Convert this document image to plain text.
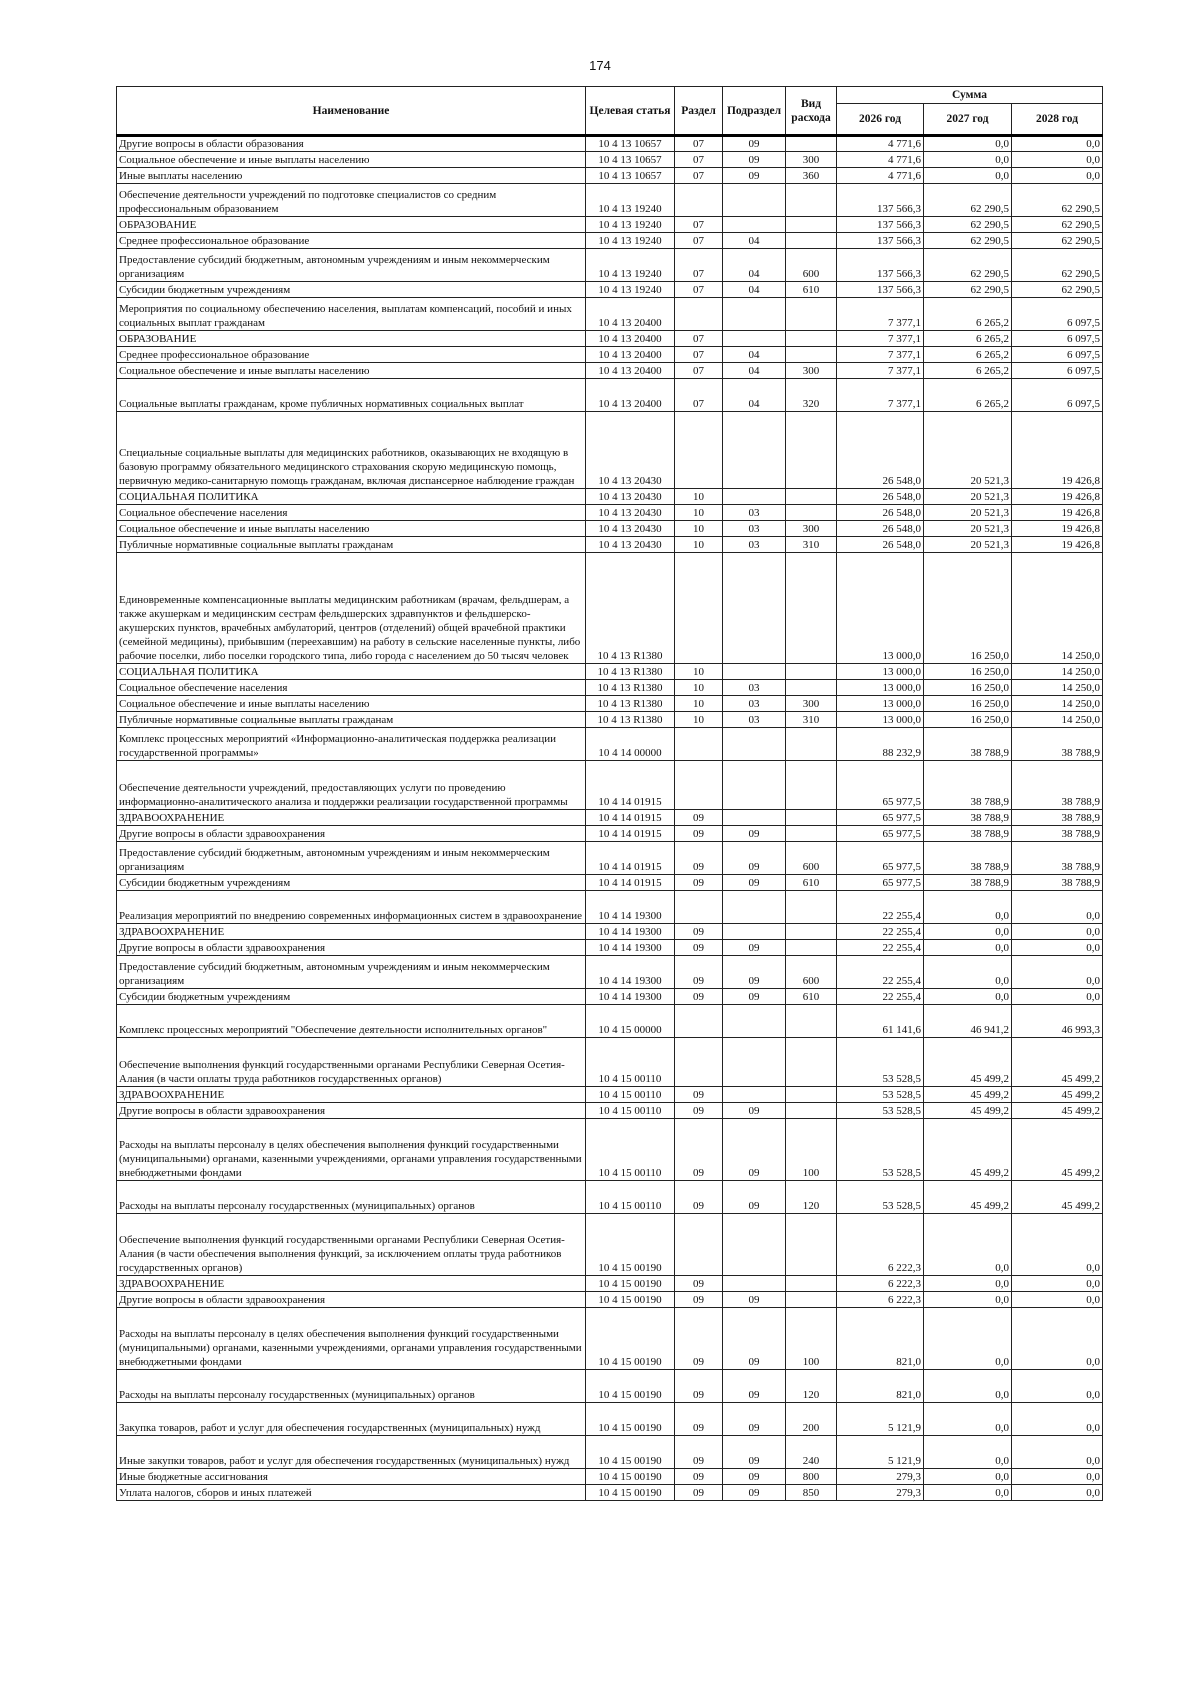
174
Наименование	Целевая статья	Раздел	Подраздел	Вид расхода	Сумма		
					2026 год	2027 год	2028 год
Другие вопросы в области образования	10 4 13 10657	07	09		4 771,6	0,0	0,0
Социальное обеспечение и иные выплаты населению	10 4 13 10657	07	09	300	4 771,6	0,0	0,0
Иные выплаты населению	10 4 13 10657	07	09	360	4 771,6	0,0	0,0
Обеспечение деятельности учреждений по подготовке специалистов со средним профессиональным образованием	10 4 13 19240				137 566,3	62 290,5	62 290,5
ОБРАЗОВАНИЕ	10 4 13 19240	07			137 566,3	62 290,5	62 290,5
Среднее профессиональное образование	10 4 13 19240	07	04		137 566,3	62 290,5	62 290,5
Предоставление субсидий бюджетным, автономным учреждениям и иным некоммерческим организациям	10 4 13 19240	07	04	600	137 566,3	62 290,5	62 290,5
Субсидии бюджетным учреждениям	10 4 13 19240	07	04	610	137 566,3	62 290,5	62 290,5
Мероприятия по социальному обеспечению населения, выплатам компенсаций, пособий и иных социальных выплат гражданам	10 4 13 20400				7 377,1	6 265,2	6 097,5
ОБРАЗОВАНИЕ	10 4 13 20400	07			7 377,1	6 265,2	6 097,5
Среднее профессиональное образование	10 4 13 20400	07	04		7 377,1	6 265,2	6 097,5
Социальное обеспечение и иные выплаты населению	10 4 13 20400	07	04	300	7 377,1	6 265,2	6 097,5
Социальные выплаты гражданам, кроме публичных нормативных социальных выплат	10 4 13 20400	07	04	320	7 377,1	6 265,2	6 097,5
Специальные социальные выплаты для медицинских работников, оказывающих не входящую в базовую программу обязательного медицинского страхования скорую медицинскую помощь, первичную медико-санитарную помощь гражданам, включая диспансерное наблюдение граждан	10 4 13 20430				26 548,0	20 521,3	19 426,8
СОЦИАЛЬНАЯ ПОЛИТИКА	10 4 13 20430	10			26 548,0	20 521,3	19 426,8
Социальное обеспечение населения	10 4 13 20430	10	03		26 548,0	20 521,3	19 426,8
Социальное обеспечение и иные выплаты населению	10 4 13 20430	10	03	300	26 548,0	20 521,3	19 426,8
Публичные нормативные социальные выплаты гражданам	10 4 13 20430	10	03	310	26 548,0	20 521,3	19 426,8
Единовременные компенсационные выплаты медицинским работникам (врачам, фельдшерам, а также акушеркам и медицинским сестрам фельдшерских здравпунктов и фельдшерско-акушерских пунктов, врачебных амбулаторий, центров (отделений) общей врачебной практики (семейной медицины), прибывшим (переехавшим) на работу в сельские населенные пункты, либо рабочие поселки, либо поселки городского типа, либо города с населением до 50 тысяч человек	10 4 13 R1380				13 000,0	16 250,0	14 250,0
СОЦИАЛЬНАЯ ПОЛИТИКА	10 4 13 R1380	10			13 000,0	16 250,0	14 250,0
Социальное обеспечение населения	10 4 13 R1380	10	03		13 000,0	16 250,0	14 250,0
Социальное обеспечение и иные выплаты населению	10 4 13 R1380	10	03	300	13 000,0	16 250,0	14 250,0
Публичные нормативные социальные выплаты гражданам	10 4 13 R1380	10	03	310	13 000,0	16 250,0	14 250,0
Комплекс процессных мероприятий «Информационно-аналитическая поддержка реализации государственной программы»	10 4 14 00000				88 232,9	38 788,9	38 788,9
Обеспечение деятельности учреждений, предоставляющих услуги по проведению информационно-аналитического анализа и поддержки реализации государственной программы	10 4 14 01915				65 977,5	38 788,9	38 788,9
ЗДРАВООХРАНЕНИЕ	10 4 14 01915	09			65 977,5	38 788,9	38 788,9
Другие вопросы в области здравоохранения	10 4 14 01915	09	09		65 977,5	38 788,9	38 788,9
Предоставление субсидий бюджетным, автономным учреждениям и иным некоммерческим организациям	10 4 14 01915	09	09	600	65 977,5	38 788,9	38 788,9
Субсидии бюджетным учреждениям	10 4 14 01915	09	09	610	65 977,5	38 788,9	38 788,9
Реализация мероприятий по внедрению современных информационных систем в здравоохранение	10 4 14 19300				22 255,4	0,0	0,0
ЗДРАВООХРАНЕНИЕ	10 4 14 19300	09			22 255,4	0,0	0,0
Другие вопросы в области здравоохранения	10 4 14 19300	09	09		22 255,4	0,0	0,0
Предоставление субсидий бюджетным, автономным учреждениям и иным некоммерческим организациям	10 4 14 19300	09	09	600	22 255,4	0,0	0,0
Субсидии бюджетным учреждениям	10 4 14 19300	09	09	610	22 255,4	0,0	0,0
Комплекс процессных мероприятий "Обеспечение деятельности исполнительных органов"	10 4 15 00000				61 141,6	46 941,2	46 993,3
Обеспечение выполнения функций государственными органами Республики Северная Осетия-Алания (в части оплаты труда работников государственных органов)	10 4 15 00110				53 528,5	45 499,2	45 499,2
ЗДРАВООХРАНЕНИЕ	10 4 15 00110	09			53 528,5	45 499,2	45 499,2
Другие вопросы в области здравоохранения	10 4 15 00110	09	09		53 528,5	45 499,2	45 499,2
Расходы на выплаты персоналу в целях обеспечения выполнения функций государственными (муниципальными) органами, казенными учреждениями, органами управления государственными внебюджетными фондами	10 4 15 00110	09	09	100	53 528,5	45 499,2	45 499,2
Расходы на выплаты персоналу государственных (муниципальных) органов	10 4 15 00110	09	09	120	53 528,5	45 499,2	45 499,2
Обеспечение выполнения функций государственными органами Республики Северная Осетия-Алания (в части обеспечения выполнения функций, за исключением оплаты труда работников государственных органов)	10 4 15 00190				6 222,3	0,0	0,0
ЗДРАВООХРАНЕНИЕ	10 4 15 00190	09			6 222,3	0,0	0,0
Другие вопросы в области здравоохранения	10 4 15 00190	09	09		6 222,3	0,0	0,0
Расходы на выплаты персоналу в целях обеспечения выполнения функций государственными (муниципальными) органами, казенными учреждениями, органами управления государственными внебюджетными фондами	10 4 15 00190	09	09	100	821,0	0,0	0,0
Расходы на выплаты персоналу государственных (муниципальных) органов	10 4 15 00190	09	09	120	821,0	0,0	0,0
Закупка товаров, работ и услуг для обеспечения государственных (муниципальных) нужд	10 4 15 00190	09	09	200	5 121,9	0,0	0,0
Иные закупки товаров, работ и услуг для обеспечения государственных (муниципальных) нужд	10 4 15 00190	09	09	240	5 121,9	0,0	0,0
Иные бюджетные ассигнования	10 4 15 00190	09	09	800	279,3	0,0	0,0
Уплата налогов, сборов и иных платежей	10 4 15 00190	09	09	850	279,3	0,0	0,0
